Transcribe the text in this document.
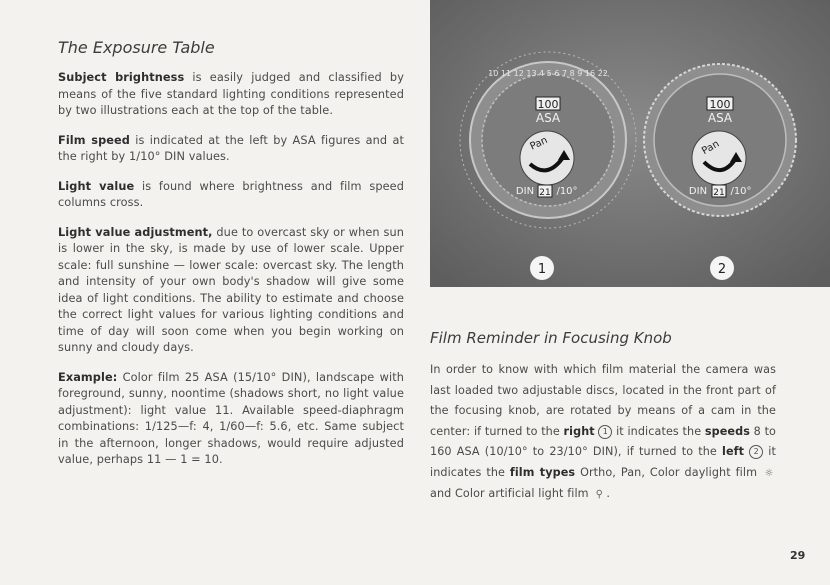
The Exposure Table

Subject brightness is easily judged and classified by means of the five standard lighting conditions represented by two illustrations each at the top of the table.

Film speed is indicated at the left by ASA figures and at the right by 1/10° DIN values.

Light value is found where brightness and film speed columns cross.

Light value adjustment, due to overcast sky or when sun is lower in the sky, is made by use of lower scale. Upper scale: full sunshine — lower scale: overcast sky. The length and intensity of your own body's shadow will give some idea of light conditions. The ability to estimate and choose the correct light values for various lighting conditions and time of day will soon come when you begin working on sunny and cloudy days.

Example: Color film 25 ASA (15/10° DIN), landscape with foreground, sunny, noontime (shadows short, no light value adjustment): light value 11. Available speed-diaphragm combinations: 1/125—f: 4, 1/60—f: 5.6, etc. Same subject in the afternoon, longer shadows, would require adjusted value, perhaps 11 — 1 = 10.

10 11 12 13 4 5 6 7 8 9 16 22
100
ASA
Pan
DIN 21 /10°
100
ASA
Pan
DIN 21 /10°
1	2
Film Reminder in Focusing Knob
In order to know with which film material the camera was last loaded two adjustable discs, located in the front part of the focusing knob, are rotated by means of a cam in the center: if turned to the right 1 it indicates the speeds 8 to 160 ASA (10/10° to 23/10° DIN), if turned to the left 2 it indicates the film types Ortho, Pan, Color daylight film ☼ and Color artificial light film ⚲ .
29
